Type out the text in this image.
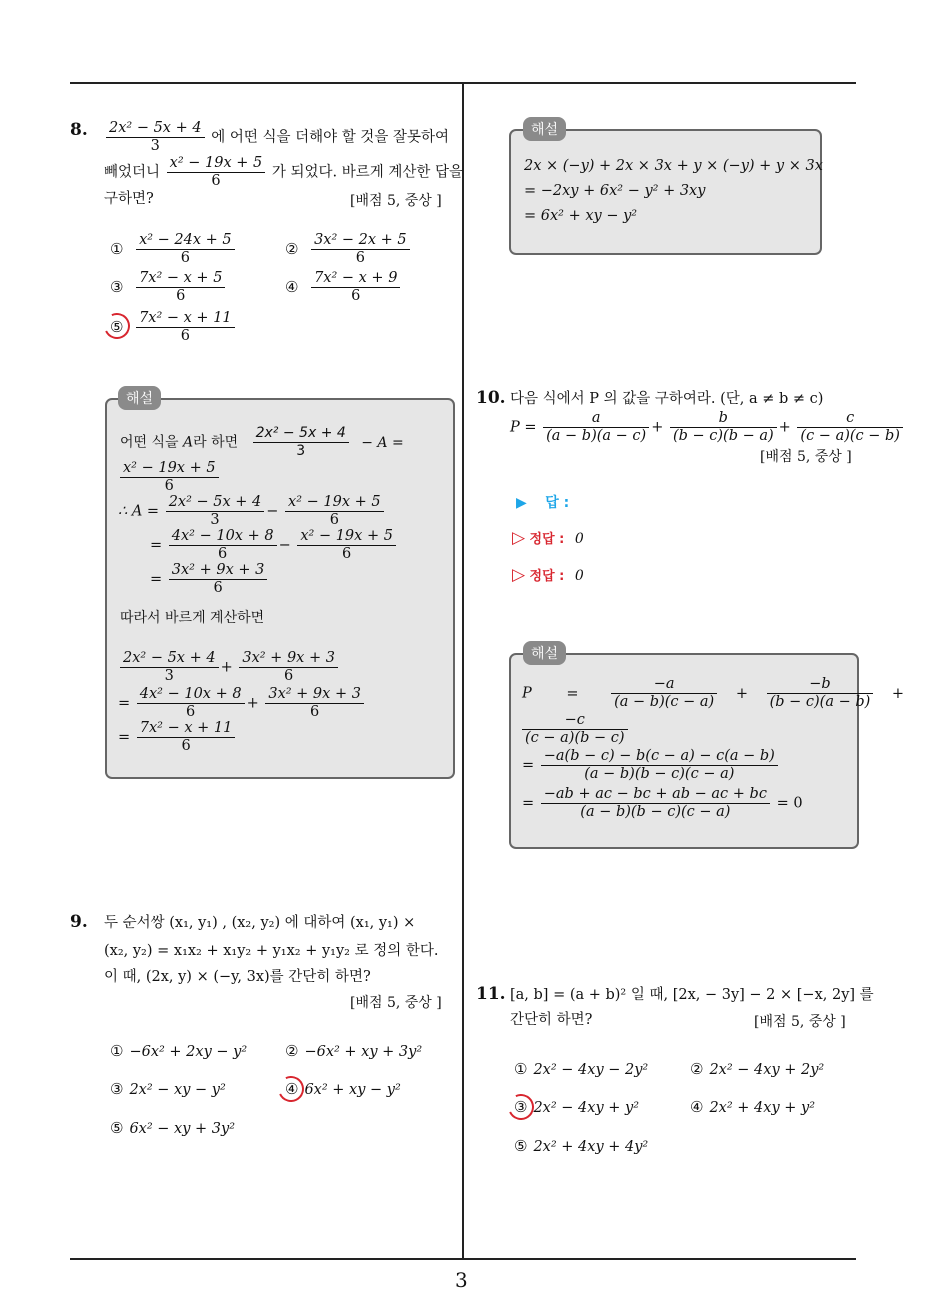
8. $\frac{\text{2x² − 5x + 4}}{3}$ 에 어떤 식을 더해야 할 것을 잘못하여
빼었더니 $\frac{\text{x² − 19x + 5}}{6}$ 가 되었다. 바르게 계산한 답을
구하면?	[배점 5, 중상 ]
① $\frac{\text{x² − 24x + 5}}{6}$	② $\frac{\text{3x² − 2x + 5}}{6}$
③ $\frac{\text{7x² − x + 5}}{6}$	④ $\frac{\text{7x² − x + 9}}{6}$
⑤ $\frac{\text{7x² − x + 11}}{6}$
해설
어떤 식을 A라 하면 $\frac{\text{2x² − 5x + 4}}{3} - A$ =
$\frac{\text{x² − 19x + 5}}{6}$
∴ $A = \frac{\text{2x² − 5x + 4}}{3} - \frac{\text{x² − 19x + 5}}{6}$
= $\frac{\text{4x² − 10x + 8}}{6} - \frac{\text{x² − 19x + 5}}{6}$
= $\frac{\text{3x² + 9x + 3}}{6}$
따라서 바르게 계산하면
$\frac{\text{2x² − 5x + 4}}{3} + \frac{\text{3x² + 9x + 3}}{6}$
= $\frac{\text{4x² − 10x + 8}}{6} + \frac{\text{3x² + 9x + 3}}{6}$
= $\frac{\text{7x² − x + 11}}{6}$
9. 두 순서쌍 (x₁, y₁) , (x₂, y₂) 에 대하여 (x₁, y₁) ×
(x₂, y₂) = x₁x₂ + x₁y₂ + y₁x₂ + y₁y₂ 로 정의 한다.
이 때, (2x, y) × (−y, 3x)를 간단히 하면?
[배점 5, 중상 ]
① −6x² + 2xy − y²	② −6x² + xy + 3y²
③ 2x² − xy − y²	④ 6x² + xy − y²
⑤ 6x² − xy + 3y²
해설
2x × (−y) + 2x × 3x + y × (−y) + y × 3x
= −2xy + 6x² − y² + 3xy
= 6x² + xy − y²
10. 다음 식에서 P 의 값을 구하여라. (단, a ≠ b ≠ c)
$P = \frac{a}{(a - b)(a - c)} + \frac{b}{(b - c)(b - a)} + \frac{c}{(c - a)(c - b)}$
[배점 5, 중상 ]
▶ 답 :
▷ 정답 : 0
▷ 정답 : 0
해설
$P = \frac{-a}{(a - b)(c - a)} + \frac{-b}{(b - c)(a - b)}$ +
$\frac{-c}{(c - a)(b - c)}$
= $\frac{-a(b - c) - b(c - a) - c(a - b)}{(a - b)(b - c)(c - a)}$
= $\frac{-ab + ac - bc + ab - ac + bc}{(a - b)(b - c)(c - a)} = 0$
11. [a, b] = (a + b)² 일 때, [2x, − 3y] − 2 × [−x, 2y] 를
간단히 하면?	[배점 5, 중상 ]
① 2x² − 4xy − 2y²	② 2x² − 4xy + 2y²
③ 2x² − 4xy + y²	④ 2x² + 4xy + y²
⑤ 2x² + 4xy + 4y²
3
